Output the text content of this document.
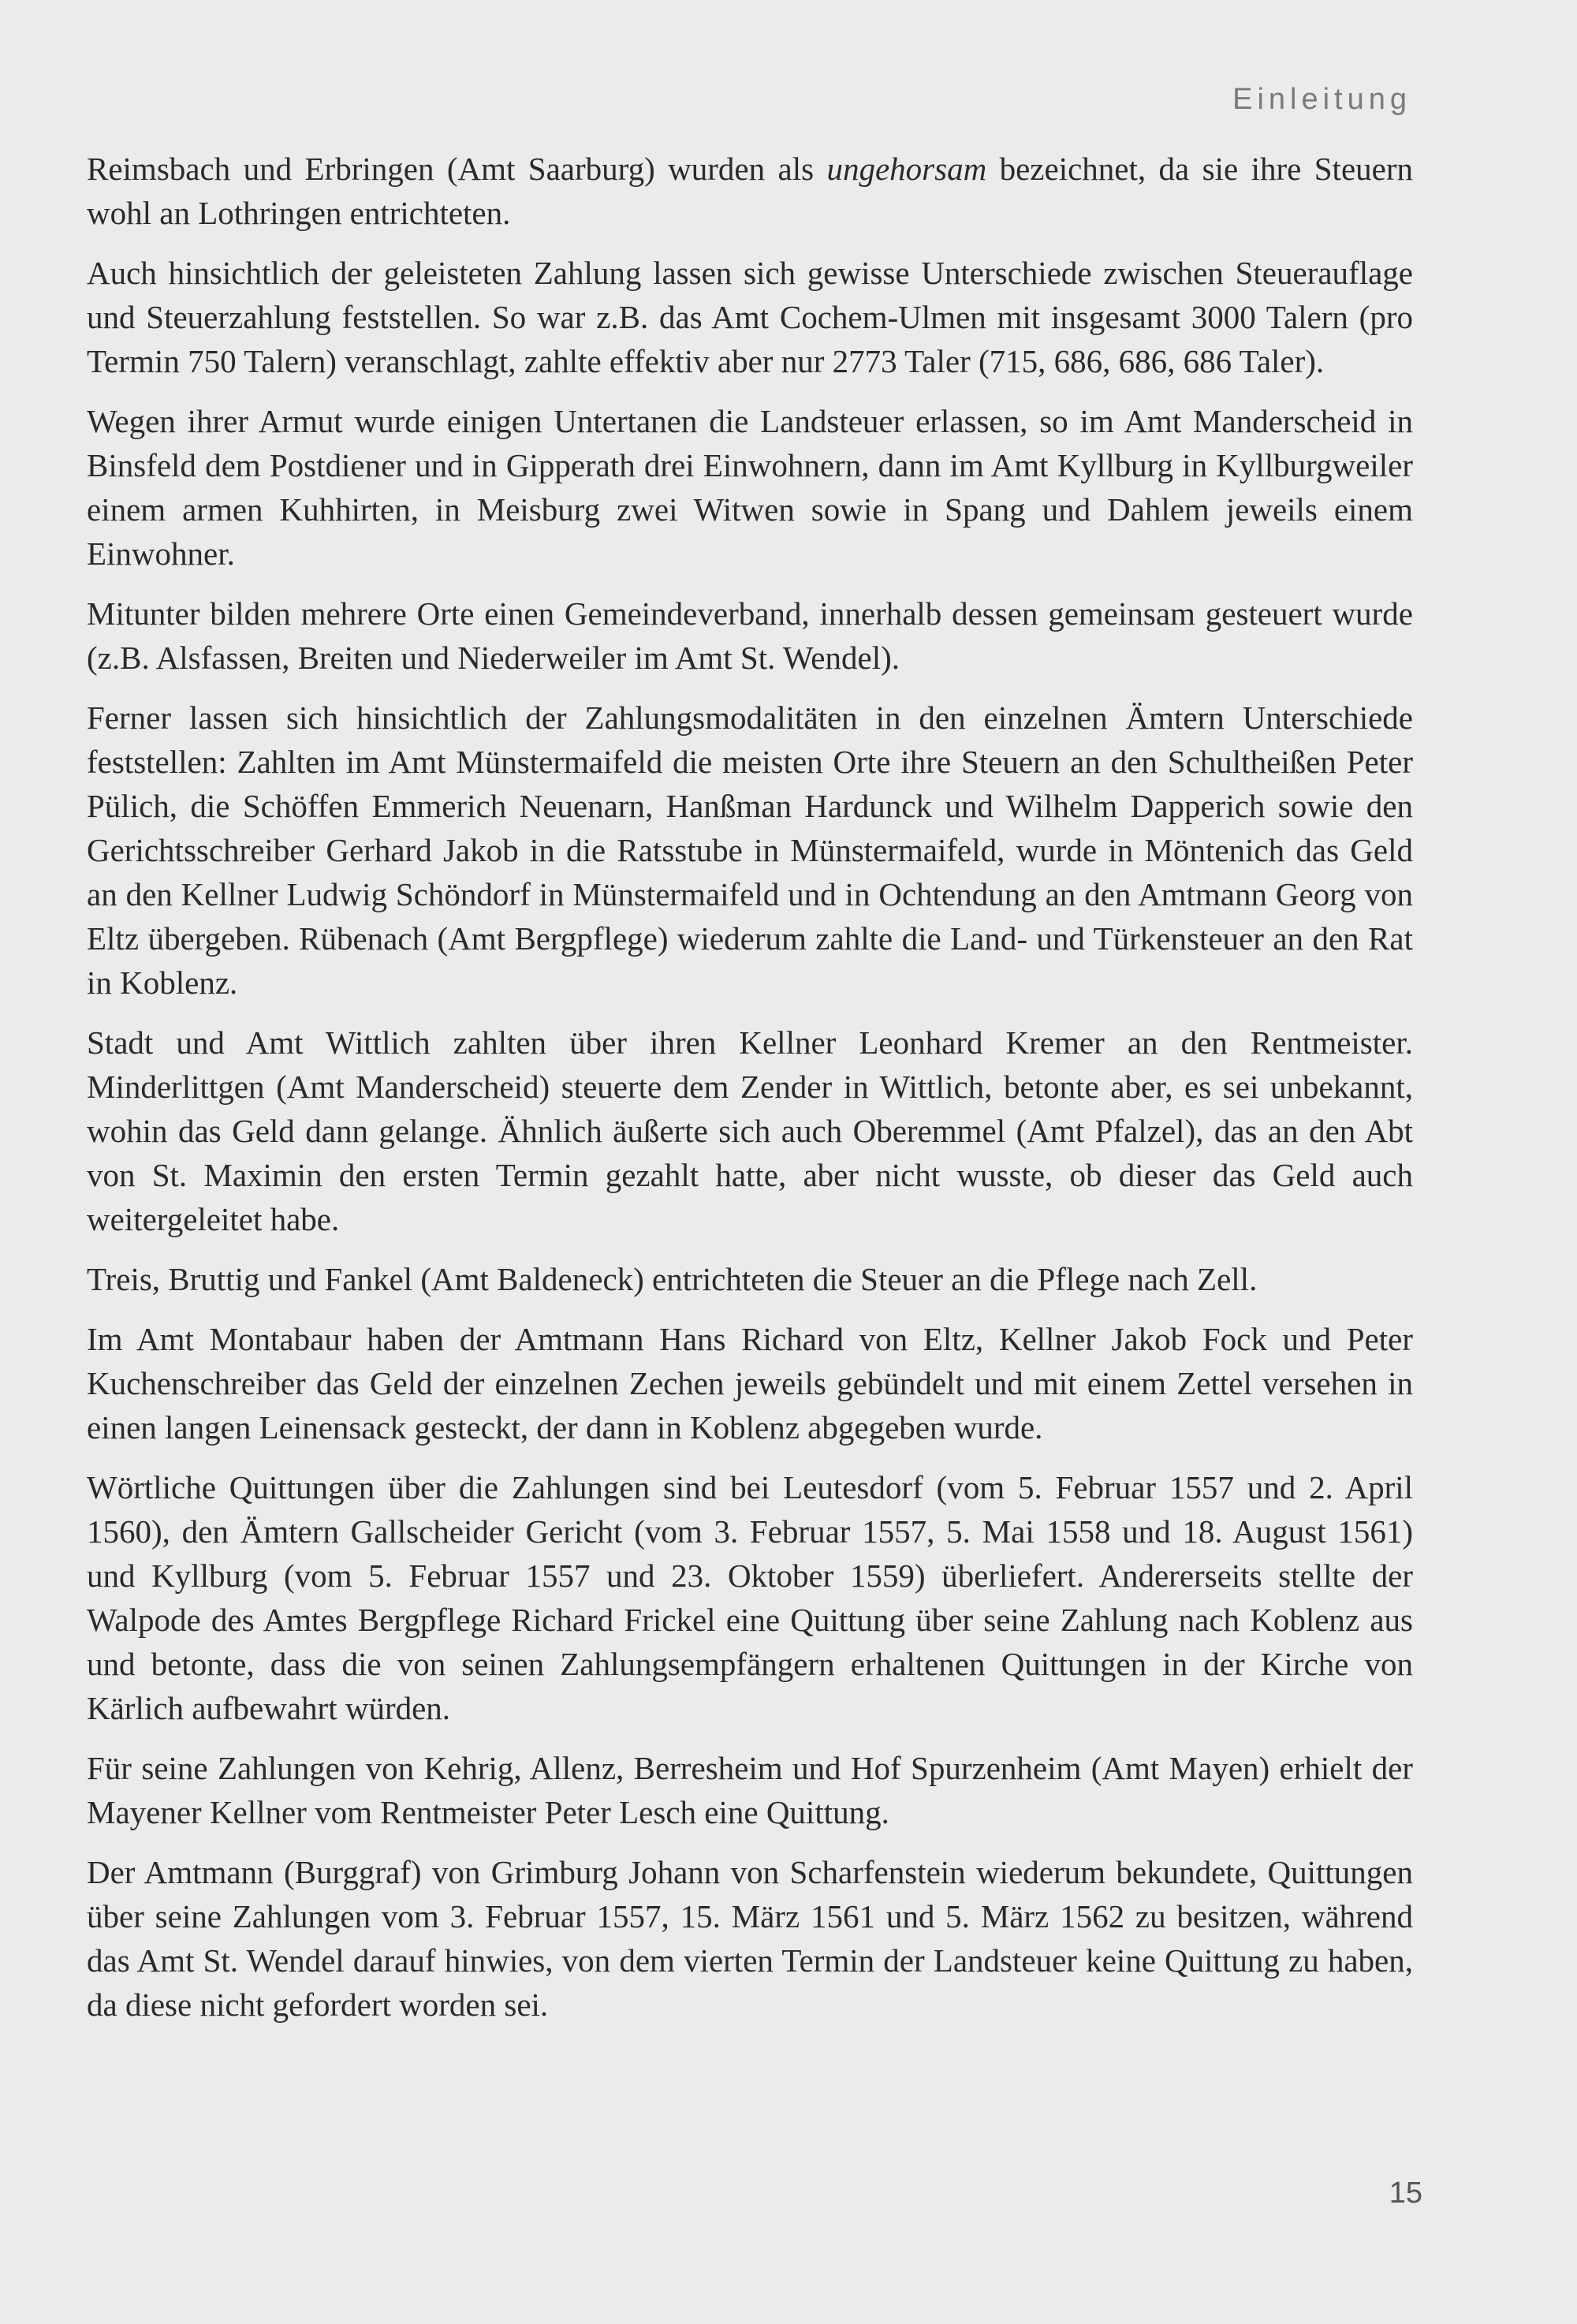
Einleitung

Reimsbach und Erbringen (Amt Saarburg) wurden als ungehorsam bezeichnet, da sie ihre Steuern wohl an Lothringen entrichteten.

Auch hinsichtlich der geleisteten Zahlung lassen sich gewisse Unterschiede zwischen Steuerauflage und Steuerzahlung feststellen. So war z.B. das Amt Cochem-Ulmen mit insgesamt 3000 Talern (pro Termin 750 Talern) veranschlagt, zahlte effektiv aber nur 2773 Taler (715, 686, 686, 686 Taler).

Wegen ihrer Armut wurde einigen Untertanen die Landsteuer erlassen, so im Amt Manderscheid in Binsfeld dem Postdiener und in Gipperath drei Einwohnern, dann im Amt Kyllburg in Kyllburgweiler einem armen Kuhhirten, in Meisburg zwei Witwen sowie in Spang und Dahlem jeweils einem Einwohner.

Mitunter bilden mehrere Orte einen Gemeindeverband, innerhalb dessen gemeinsam gesteuert wurde (z.B. Alsfassen, Breiten und Niederweiler im Amt St. Wendel).

Ferner lassen sich hinsichtlich der Zahlungsmodalitäten in den einzelnen Ämtern Unterschiede feststellen: Zahlten im Amt Münstermaifeld die meisten Orte ihre Steuern an den Schultheißen Peter Pülich, die Schöffen Emmerich Neuenarn, Hanßman Hardunck und Wilhelm Dapperich sowie den Gerichtsschreiber Gerhard Jakob in die Ratsstube in Münstermaifeld, wurde in Möntenich das Geld an den Kellner Ludwig Schöndorf in Münstermaifeld und in Ochtendung an den Amtmann Georg von Eltz übergeben. Rübenach (Amt Bergpflege) wiederum zahlte die Land- und Türkensteuer an den Rat in Koblenz.

Stadt und Amt Wittlich zahlten über ihren Kellner Leonhard Kremer an den Rentmeister. Minderlittgen (Amt Manderscheid) steuerte dem Zender in Wittlich, betonte aber, es sei unbekannt, wohin das Geld dann gelange. Ähnlich äußerte sich auch Oberemmel (Amt Pfalzel), das an den Abt von St. Maximin den ersten Termin gezahlt hatte, aber nicht wusste, ob dieser das Geld auch weitergeleitet habe.

Treis, Bruttig und Fankel (Amt Baldeneck) entrichteten die Steuer an die Pflege nach Zell.

Im Amt Montabaur haben der Amtmann Hans Richard von Eltz, Kellner Jakob Fock und Peter Kuchenschreiber das Geld der einzelnen Zechen jeweils gebündelt und mit einem Zettel versehen in einen langen Leinensack gesteckt, der dann in Koblenz abgegeben wurde.

Wörtliche Quittungen über die Zahlungen sind bei Leutesdorf (vom 5. Februar 1557 und 2. April 1560), den Ämtern Gallscheider Gericht (vom 3. Februar 1557, 5. Mai 1558 und 18. August 1561) und Kyllburg (vom 5. Februar 1557 und 23. Oktober 1559) überliefert. Andererseits stellte der Walpode des Amtes Bergpflege Richard Frickel eine Quittung über seine Zahlung nach Koblenz aus und betonte, dass die von seinen Zahlungsempfängern erhaltenen Quittungen in der Kirche von Kärlich aufbewahrt würden.

Für seine Zahlungen von Kehrig, Allenz, Berresheim und Hof Spurzenheim (Amt Mayen) erhielt der Mayener Kellner vom Rentmeister Peter Lesch eine Quittung.

Der Amtmann (Burggraf) von Grimburg Johann von Scharfenstein wiederum bekundete, Quittungen über seine Zahlungen vom 3. Februar 1557, 15. März 1561 und 5. März 1562 zu besitzen, während das Amt St. Wendel darauf hinwies, von dem vierten Termin der Landsteuer keine Quittung zu haben, da diese nicht gefordert worden sei.

15
